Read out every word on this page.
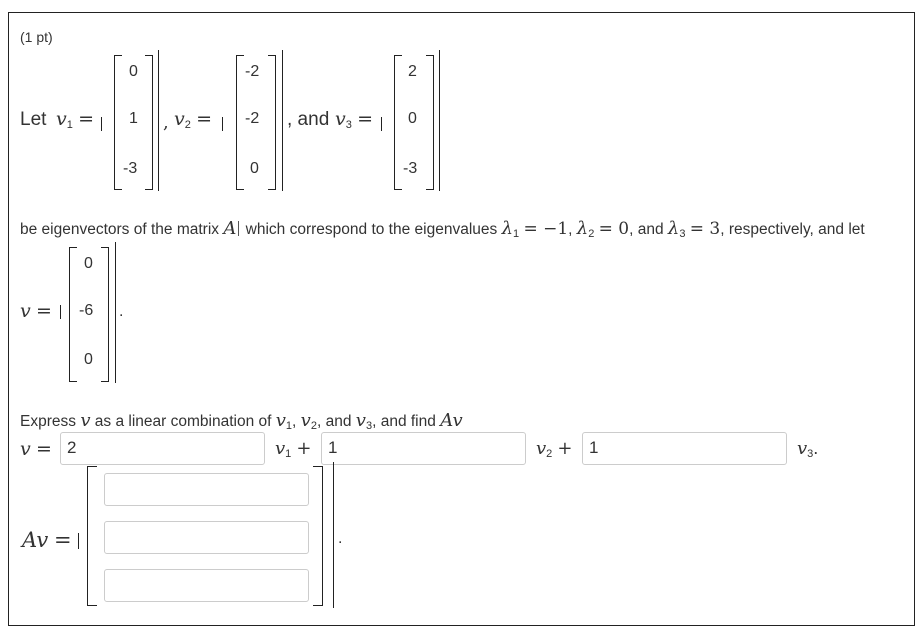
(1 pt)
Let $v_1$ =
0
1
-3
, $v_2$ =
-2
-2
0
, and $v_3$ =
2
0
-3
be eigenvectors of the matrix A which correspond to the eigenvalues $\lambda_1 = -1$, $\lambda_2 = 0$, and $\lambda_3 = 3$, respectively, and let
v =
0
-6
0
.
Express v as a linear combination of $v_1$, $v_2$, and $v_3$, and find Av
v = 2	$v_1 + 1$	$v_2 + 1$	$v_3$.
Av =	.
